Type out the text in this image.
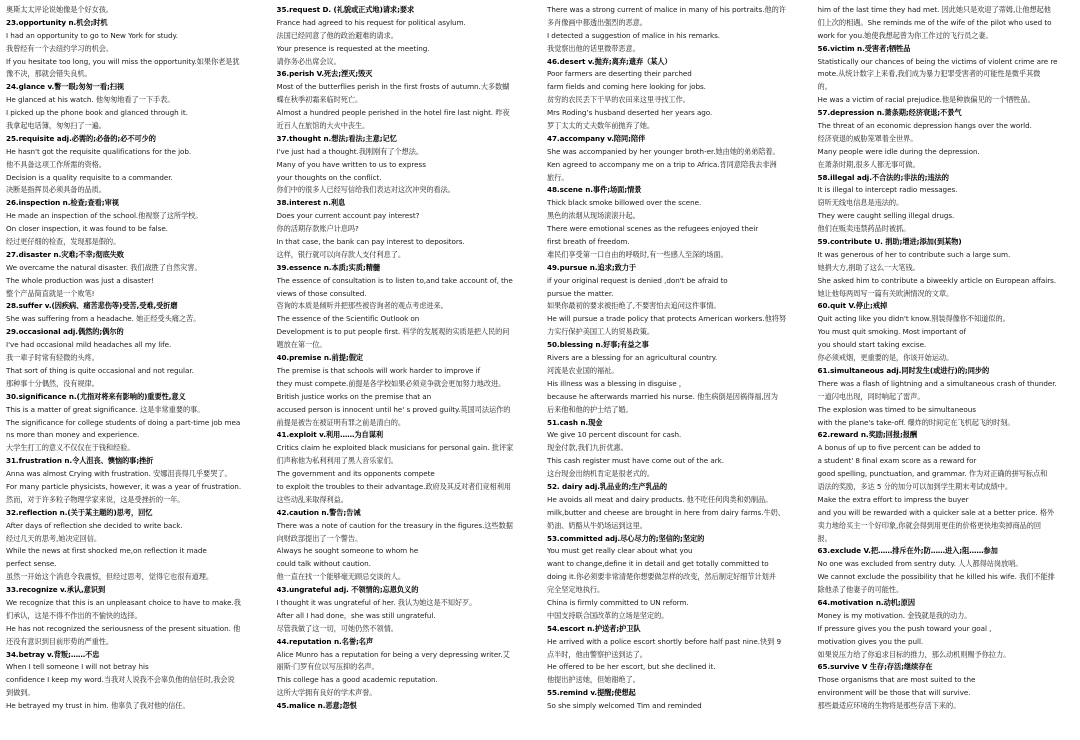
奥斯太太评论说她像是个好女孩。
23.opportunity n.机会;时机
I had an opportunity to go to New York for study.
我曾经有一个去纽约学习的机会。
If you hesitate too long, you will miss the opportunity.如果你老是犹
豫不决，那就会错失良机。
24.glance v.瞥一眼;匆匆一看;扫视
He glanced at his watch. 他匆匆地看了一下手表。
I picked up the phone book and glanced through it.
我拿起电话簿，匆匆扫了一遍。
25.requisite adj.必需的;必备的;必不可少的
He hasn't got the requisite qualifications for the job.
他不具备这项工作所需的资格。
Decision is a quality requisite to a commander.
决断是指挥员必须具备的品质。
26.inspection n.检查;查看;审视
He made an inspection of the school.他视察了这所学校。
On closer inspection, it was found to be false.
经过更仔细的检查，发现那是假的。
27.disaster n.灾难;不幸;彻底失败
We overcame the natural disaster. 我们战胜了自然灾害。
The whole production was just a disaster!
整个产品简直就是一个败笔!
28.suffer v.(因疾病、痛苦悲伤等)受苦,受难,受折磨
She was suffering from a headache. 她正经受头痛之苦。
29.occasional adj.偶然的;偶尔的
I've had occasional mild headaches all my life.
我一辈子时常有轻微的头疼。
That sort of thing is quite occasional and not regular.
那种事十分偶然，没有规律。
30.significance n.(尤指对将来有影响的)重要性,意义
This is a matter of great significance. 这是非常重要的事。
The significance for college students of doing a part-time job mea
ns more than money and experience.
大学生打工的意义不仅仅在于钱和经验。
31.frustration n.令人沮丧、懊恼的事;挫折
Anna was almost Crying with frustration. 安娜沮丧得几乎要哭了。
For many particle physicists, however, it was a year of frustration.
然而，对于许多粒子物理学家来说，这是受挫折的一年。
32.reflection n.(关于某主题的)思考，回忆
After days of reflection she decided to write back.
经过几天的思考,她决定回信。
While the news at first shocked me,on reflection it made
perfect sense.
虽然一开始这个消息令我震惊，但经过思考，觉得它也很有道理。
33.recognize v.承认,意识到
We recognize that this is an unpleasant choice to have to make.我
们承认，这是不得不作出的不愉快的选择。
He has not recognized the seriousness of the present situation. 他
还没有意识到目前形势的严重性。
34.betray v.背叛;……不忠
When I tell someone I will not betray his
confidence I keep my word.当我对人说我不会辜负他的信任时,我会说
到做到。
He betrayed my trust in him. 他辜负了我对他的信任。
35.request D. (礼貌或正式地)请求;要求
France had agreed to his request for political asylum.
法国已经同意了他的政治避难的请求。
Your presence is requested at the meeting.
请你务必出席会议。
36.perish V.死去;湮灭;毁灭
Most of the butterflies perish in the first frosts of autumn.大多数蝴
蝶在秋季初霜来临时死亡。
Almost a hundred people perished in the hotel fire last night. 昨夜
近百人在旅馆的大火中丧生。
37.thought n.想法;看法;主意;记忆
I've just had a thought.我刚刚有了个想法。
Many of you have written to us to express
your thoughts on the conflict.
你们中的很多人已经写信给我们表达对这次冲突的看法。
38.interest n.利息
Does your current account pay interest?
你的活期存款账户计息吗?
In that case, the bank can pay interest to depositors.
这样，银行就可以向存款人支付利息了。
39.essence n.本质;实质;精髓
The essence of consultation is to listen to,and take account of, the
views of those consulted.
咨询的本质是倾听并把那些被咨询者的观点考虑进来。
The essence of the Scientific Outlook on
Development is to put people first. 科学的发展观的实质是把人民的问
题放在第一位。
40.premise n.前提;假定
The premise is that schools will work harder to improve if
they must compete.前提是各学校如果必须竞争就会更加努力地改进。
British justice works on the premise that an
accused person is innocent until he' s proved guilty.英国司法运作的
前提是被告在被证明有罪之前是清白的。
41.exploit v.利用……为自谋利
Critics claim he exploited black musicians for personal gain. 批评家
们声称他为私利利用了黑人音乐家们。
The government and its opponents compete
to exploit the troubles to their advantage.政府及其反对者们竞相利用
这些动乱来取得利益。
42.caution n.警告;告诫
There was a note of caution for the treasury in the figures.这些数据
向财政部提出了一个警告。
Always he sought someone to whom he
could talk without caution.
他一直在找一个能够毫无顾忌交谈的人。
43.ungrateful adj. 不领情的;忘恩负义的
I thought it was ungrateful of her. 我认为她这是不知好歹。
After all I had done，she was still ungrateful.
尽管我做了这一切，可她仍然不领情。
44.reputation n.名誉;名声
Alice Munro has a reputation for being a very depressing writer.艾
丽斯·门罗有位以写压抑的名声。
This college has a good academic reputation.
这所大学拥有良好的学术声誉。
45.malice n.恶意;怨恨
There was a strong current of malice in many of his portraits.他的许
多肖像画中都透出强烈的恶意。
I detected a suggestion of malice in his remarks.
我觉察出他的话里微带恶意。
46.desert v.抛弃;离弃;遗弃（某人）
Poor farmers are deserting their parched
farm fields and coming here looking for jobs.
贫穷的农民丢下干旱的农田来这里寻找工作。
Mrs Roding’s husband deserted her years ago.
罗丁太太的丈夫数年前抛弃了她。
47.accompany v.陪同;陪伴
She was accompanied by her younger broth-er.她由她的弟弟陪着。
Ken agreed to accompany me on a trip to Africa.肯同意陪我去非洲
旅行。
48.scene n.事件;场面;情景
Thick black smoke billowed over the scene.
黑色的浓烟从现场滚滚升起。
There were emotional scenes as the refugees enjoyed their
first breath of freedom.
难民们享受第一口自由的呼吸时,有一些感人至深的场面。
49.pursue n.追求;致力于
if your original request is denied ,don't be afraid to
pursue the matter.
如果你最初的要求被拒绝了,不要害怕去追问这件事情。
He will pursue a trade policy that protects American workers.他将努
力实行保护美国工人的贸易政策。
50.blessing n.好事;有益之事
Rivers are a blessing for an agricultural country.
河流是农业国的福祉。
His illness was a blessing in disguise ，
because he afterwards married his nurse. 他生病倒是因祸得福,因为
后来他和他的护士结了婚。
51.cash n.现金
We give 10 percent discount for cash.
现金付款,我们九折优惠。
This cash register must have come out of the ark.
这台现金出纳机肯定是很老式的。
52. dairy adj.乳品业的;生产乳品的
He avoids all meat and dairy products. 他不吃任何肉类和奶制品。
milk,butter and cheese are brought in here from dairy farms.牛奶、
奶油、奶酪从牛奶场运到这里。
53.committed adj.尽心尽力的;坚信的;坚定的
You must get really clear about what you
want to change,define it in detail and get totally committed to
doing it.你必须要非常清楚你想要做怎样的改变，然后制定好细节计划并
完全坚定地执行。
China is firmly committed to UN reform.
中国支持联合国改革的立场是坚定的。
54.escort n.护送者;护卫队
He arrived with a police escort shortly before half past nine.快到 9
点半时，他由警察护送到达了。
He offered to be her escort, but she declined it.
他提出护送她，但她谢绝了。
55.remind v.提醒;使想起
So she simply welcomed Tim and reminded
him of the last time they had met. 因此她只是欢迎了蒂姆,让他想起他
们上次的相遇。She reminds me of the wife of the pilot who used to
work for you.她使我想起曾为你工作过的飞行员之妻。
56.victim n.受害者;牺牲品
Statistically our chances of being the victims of violent crime are re
mote.从统计数字上来看,我们成为暴力犯罪受害者的可能性是微乎其微
的。
He was a victim of racial prejudice.他是种族偏见的一个牺牲品。
57.depression n.萧条期;经济衰退;不景气
The threat of an economic depression hangs over the world.
经济衰退的威胁笼罩着全世界。
Many people were idle during the depression.
在萧条时期,很多人都无事可做。
58.illegal adj.不合法的;非法的;违法的
It is illegal to intercept radio messages.
窃听无线电信息是违法的。
They were caught selling illegal drugs.
他们在贩卖违禁药品时被抓。
59.contribute U. 捐助;增进;添加(到某物)
It was generous of her to contribute such a large sum.
她捐大方,捐助了这么一大笔钱。
She asked him to contribute a biweekly article on European affairs.
她让他每两周写一篇有关欧洲情况的文章。
60.quit V.停止;戒掉
Quit acting like you didn't know.别装得像你不知道似的。
You must quit smoking. Most important of
you should start taking excise.
你必须戒烟，更重要的是，你该开始运动。
61.simultaneous adj.同时发生(或进行)的;同步的
There was a flash of lightning and a simultaneous crash of thunder.
一道闪电出现，同时响起了雷声。
The explosion was timed to be simultaneous
with the plane's take-off. 爆炸的时间定在飞机起飞的时刻。
62.reward n.奖励;回报;报酬
A bonus of up to five percent can be added to
a student' 8 final exam score as a reward for
good spelling, punctuation, and grammar. 作为对正确的拼写标点和
语法的奖励，多达 5 分的加分可以加到学生期末考试成绩中。
Make the extra effort to impress the buyer
and you will be rewarded with a quicker sale at a better price. 格外
卖力地给买主一个好印象,你就会得到用更佳的价格更快地卖掉商品的回
报。
63.exclude V.把……排斥在外;防……进入;阻……参加
No one was excluded from sentry duty. 人人都得站岗放哨。
We cannot exclude the possibility that he killed his wife. 我们不能排
除他杀了他妻子的可能性。
64.motivation n.动机;原因
Money is my motivation. 金钱就是我的动力。
If pressure gives you the push toward your goal ,
motivation gives you the pull.
如果说压力给了你追求目标的推力，那么动机则赐予你拉力。
65.survive V 生存;存活;继续存在
Those organisms that are most suited to the
environment will be those that will survive.
那些最适应环境的生物将是那些存活下来的。
